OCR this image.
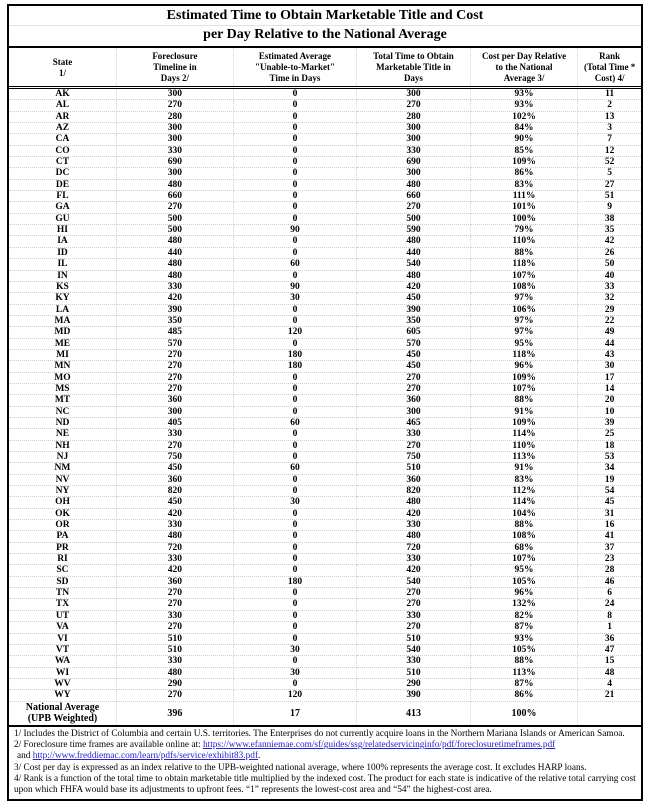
Estimated Time to Obtain Marketable Title and Cost
per Day Relative to the National Average
State
1/

Foreclosure
Timeline in
Days 2/

Estimated Average
"Unable-to-Market"
Time in Days

Total Time to Obtain
Marketable Title in
Days

Cost per Day Relative
to the National
Average 3/

Rank
(Total Time *
Cost) 4/

AK	300	0	300	93%	11
AL	270	0	270	93%	2
AR	280	0	280	102%	13
AZ	300	0	300	84%	3
CA	300	0	300	90%	7
CO	330	0	330	85%	12
CT	690	0	690	109%	52
DC	300	0	300	86%	5
DE	480	0	480	83%	27
FL	660	0	660	111%	51
GA	270	0	270	101%	9
GU	500	0	500	100%	38
HI	500	90	590	79%	35
IA	480	0	480	110%	42
ID	440	0	440	88%	26
IL	480	60	540	118%	50
IN	480	0	480	107%	40
KS	330	90	420	108%	33
KY	420	30	450	97%	32
LA	390	0	390	106%	29
MA	350	0	350	97%	22
MD	485	120	605	97%	49
ME	570	0	570	95%	44
MI	270	180	450	118%	43
MN	270	180	450	96%	30
MO	270	0	270	109%	17
MS	270	0	270	107%	14
MT	360	0	360	88%	20
NC	300	0	300	91%	10
ND	405	60	465	109%	39
NE	330	0	330	114%	25
NH	270	0	270	110%	18
NJ	750	0	750	113%	53
NM	450	60	510	91%	34
NV	360	0	360	83%	19
NY	820	0	820	112%	54
OH	450	30	480	114%	45
OK	420	0	420	104%	31
OR	330	0	330	88%	16
PA	480	0	480	108%	41
PR	720	0	720	68%	37
RI	330	0	330	107%	23
SC	420	0	420	95%	28
SD	360	180	540	105%	46
TN	270	0	270	96%	6
TX	270	0	270	132%	24
UT	330	0	330	82%	8
VA	270	0	270	87%	1
VI	510	0	510	93%	36
VT	510	30	540	105%	47
WA	330	0	330	88%	15
WI	480	30	510	113%	48
WV	290	0	290	87%	4
WY	270	120	390	86%	21

National Average
(UPB Weighted)	396	17	413	100%	

1/ Includes the District of Columbia and certain U.S. territories. The Enterprises do not currently acquire loans in the Northern Mariana Islands or American Samoa.

2/ Foreclosure time frames are available online at: https://www.efanniemae.com/sf/guides/ssg/relatedservicinginfo/pdf/foreclosuretimeframes.pdf

and http://www.freddiemac.com/learn/pdfs/service/exhibit83.pdf.

3/ Cost per day is expressed as an index relative to the UPB-weighted national average, where 100% represents the average cost. It excludes HARP loans.

4/ Rank is a function of the total time to obtain marketable title multiplied by the indexed cost. The product for each state is indicative of the relative total carrying cost upon which FHFA would base its adjustments to upfront fees. “1” represents the lowest-cost area and “54” the highest-cost area.
